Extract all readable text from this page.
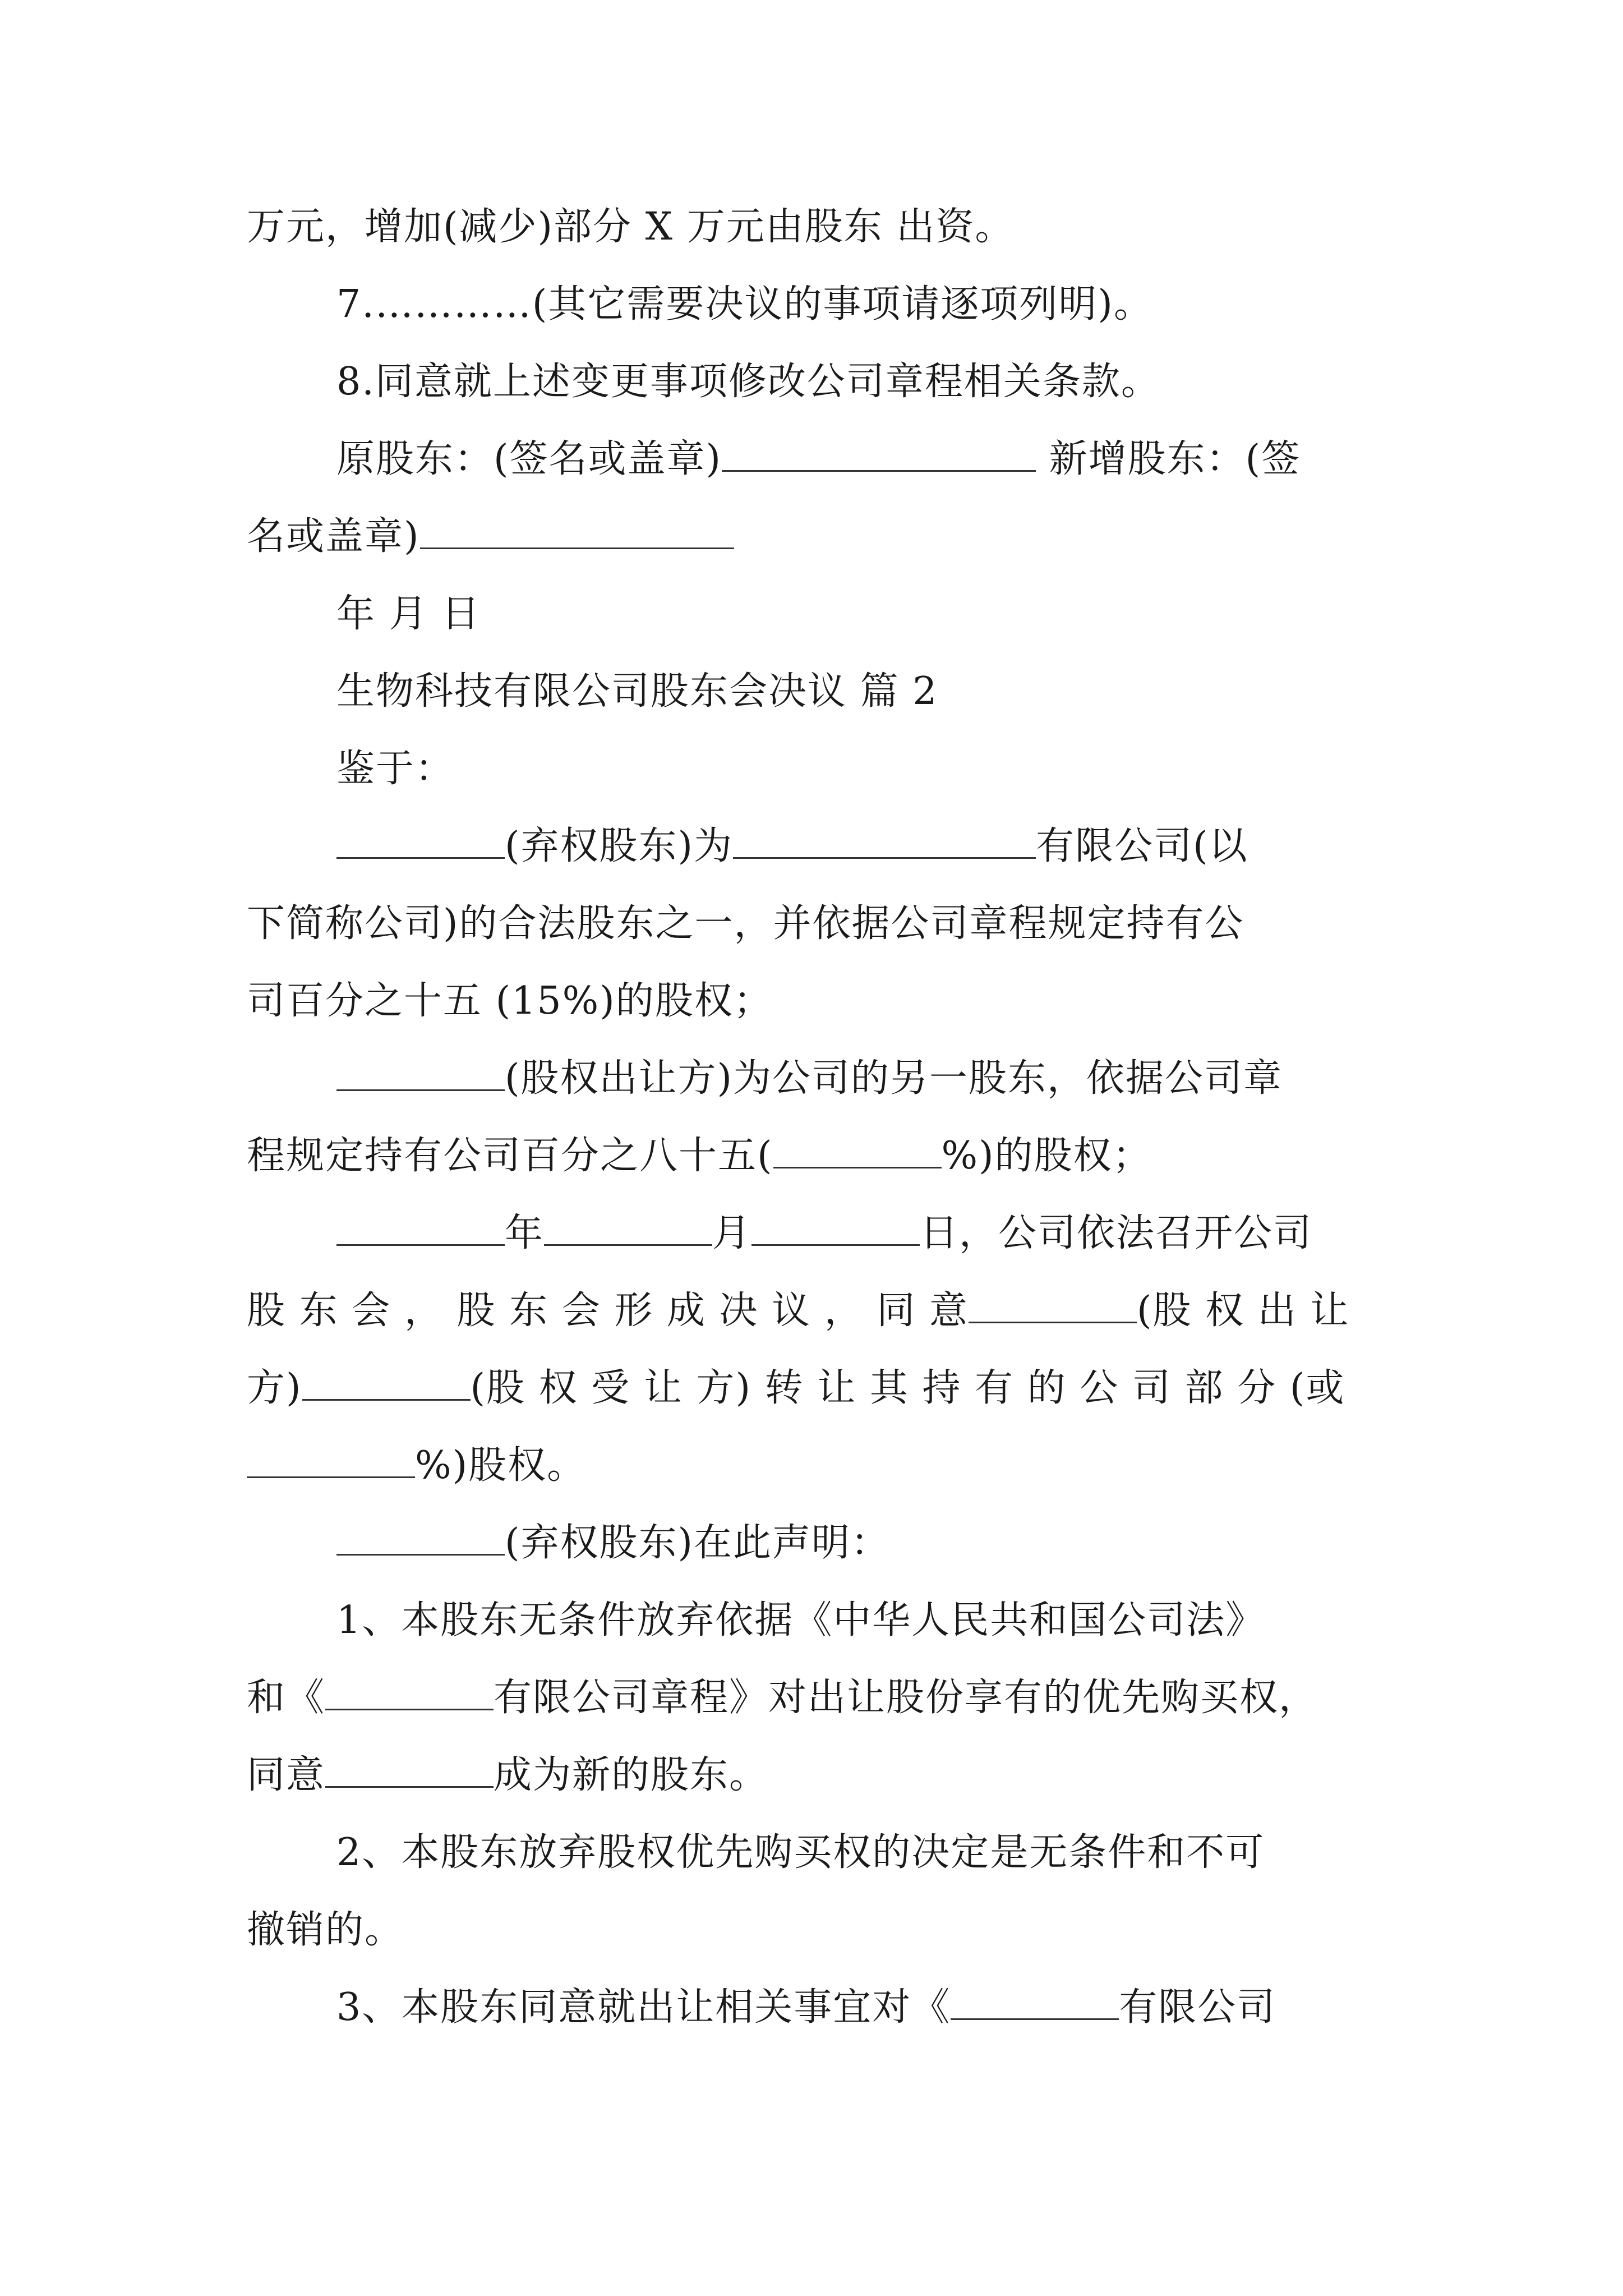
万元，增加(减少)部分 X 万元由股东 出资。
7.…………(其它需要决议的事项请逐项列明)。
8.同意就上述变更事项修改公司章程相关条款。
原股东：(签名或盖章)	新增股东：(签
名或盖章)
年 月 日
生物科技有限公司股东会决议 篇 2
鉴于：
(弃权股东)为	有限公司(以
下简称公司)的合法股东之一，并依据公司章程规定持有公
司百分之十五 (15%)的股权；
(股权出让方)为公司的另一股东，依据公司章
程规定持有公司百分之八十五(	%)的股权；
年	月	日，公司依法召开公司
股 东 会 ， 股 东 会 形 成 决 议 ， 同 意	(股 权 出 让
方)	(股 权 受 让 方) 转 让 其 持 有 的 公 司 部 分 (或
%)股权。
(弃权股东)在此声明：
1、本股东无条件放弃依据《中华人民共和国公司法》
和《	有限公司章程》对出让股份享有的优先购买权，
同意	成为新的股东。
2、本股东放弃股权优先购买权的决定是无条件和不可
撤销的。
3、本股东同意就出让相关事宜对《	有限公司
